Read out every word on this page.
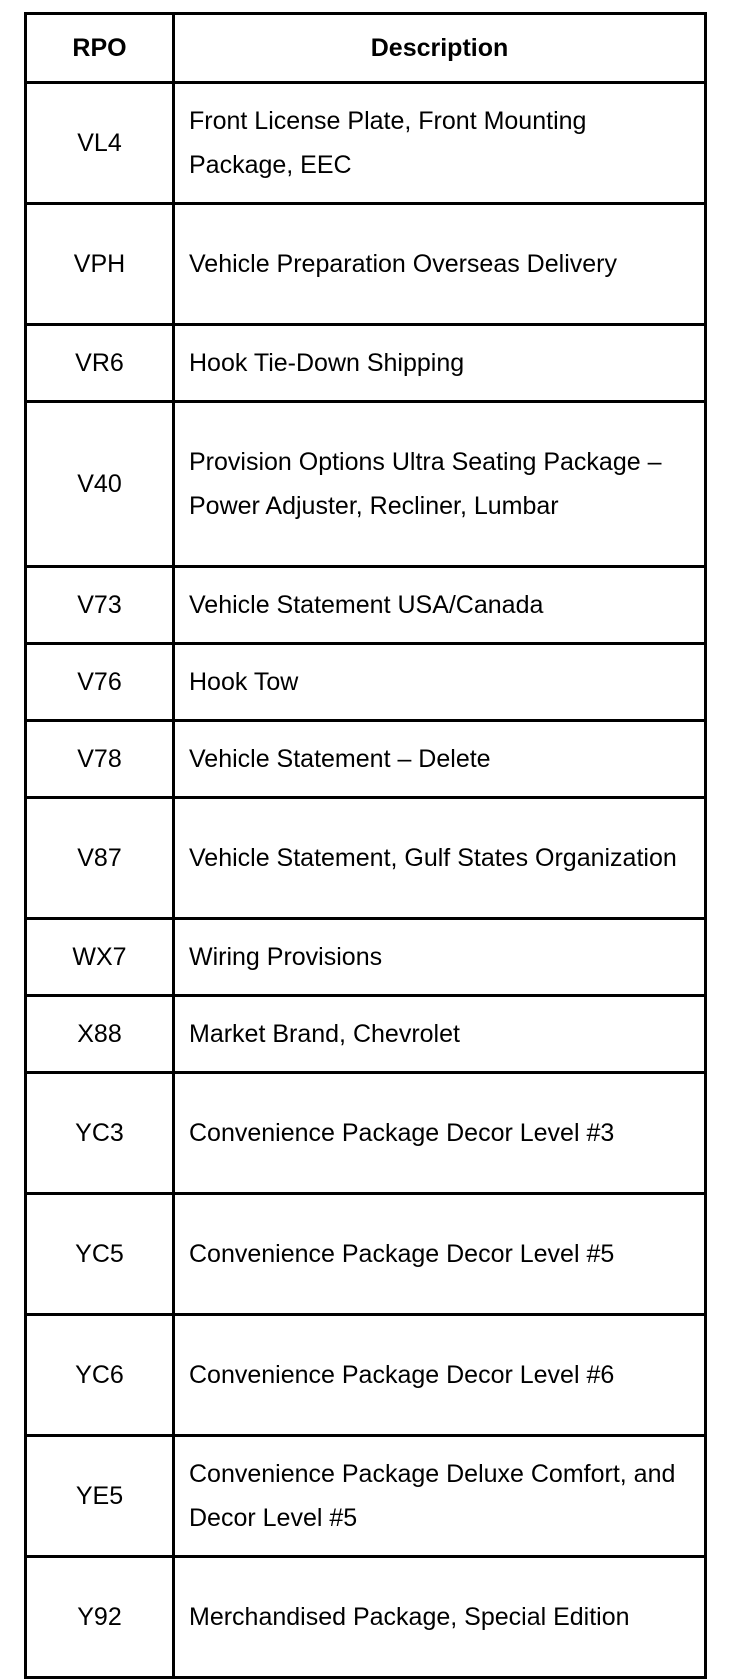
RPO	Description
VL4	Front License Plate, Front Mounting Package, EEC
VPH	Vehicle Preparation Overseas Delivery
VR6	Hook Tie-Down Shipping
V40	Provision Options Ultra Seating Package – Power Adjuster, Recliner, Lumbar
V73	Vehicle Statement USA/Canada
V76	Hook Tow
V78	Vehicle Statement – Delete
V87	Vehicle Statement, Gulf States Organization
WX7	Wiring Provisions
X88	Market Brand, Chevrolet
YC3	Convenience Package Decor Level #3
YC5	Convenience Package Decor Level #5
YC6	Convenience Package Decor Level #6
YE5	Convenience Package Deluxe Comfort, and Decor Level #5
Y92	Merchandised Package, Special Edition
